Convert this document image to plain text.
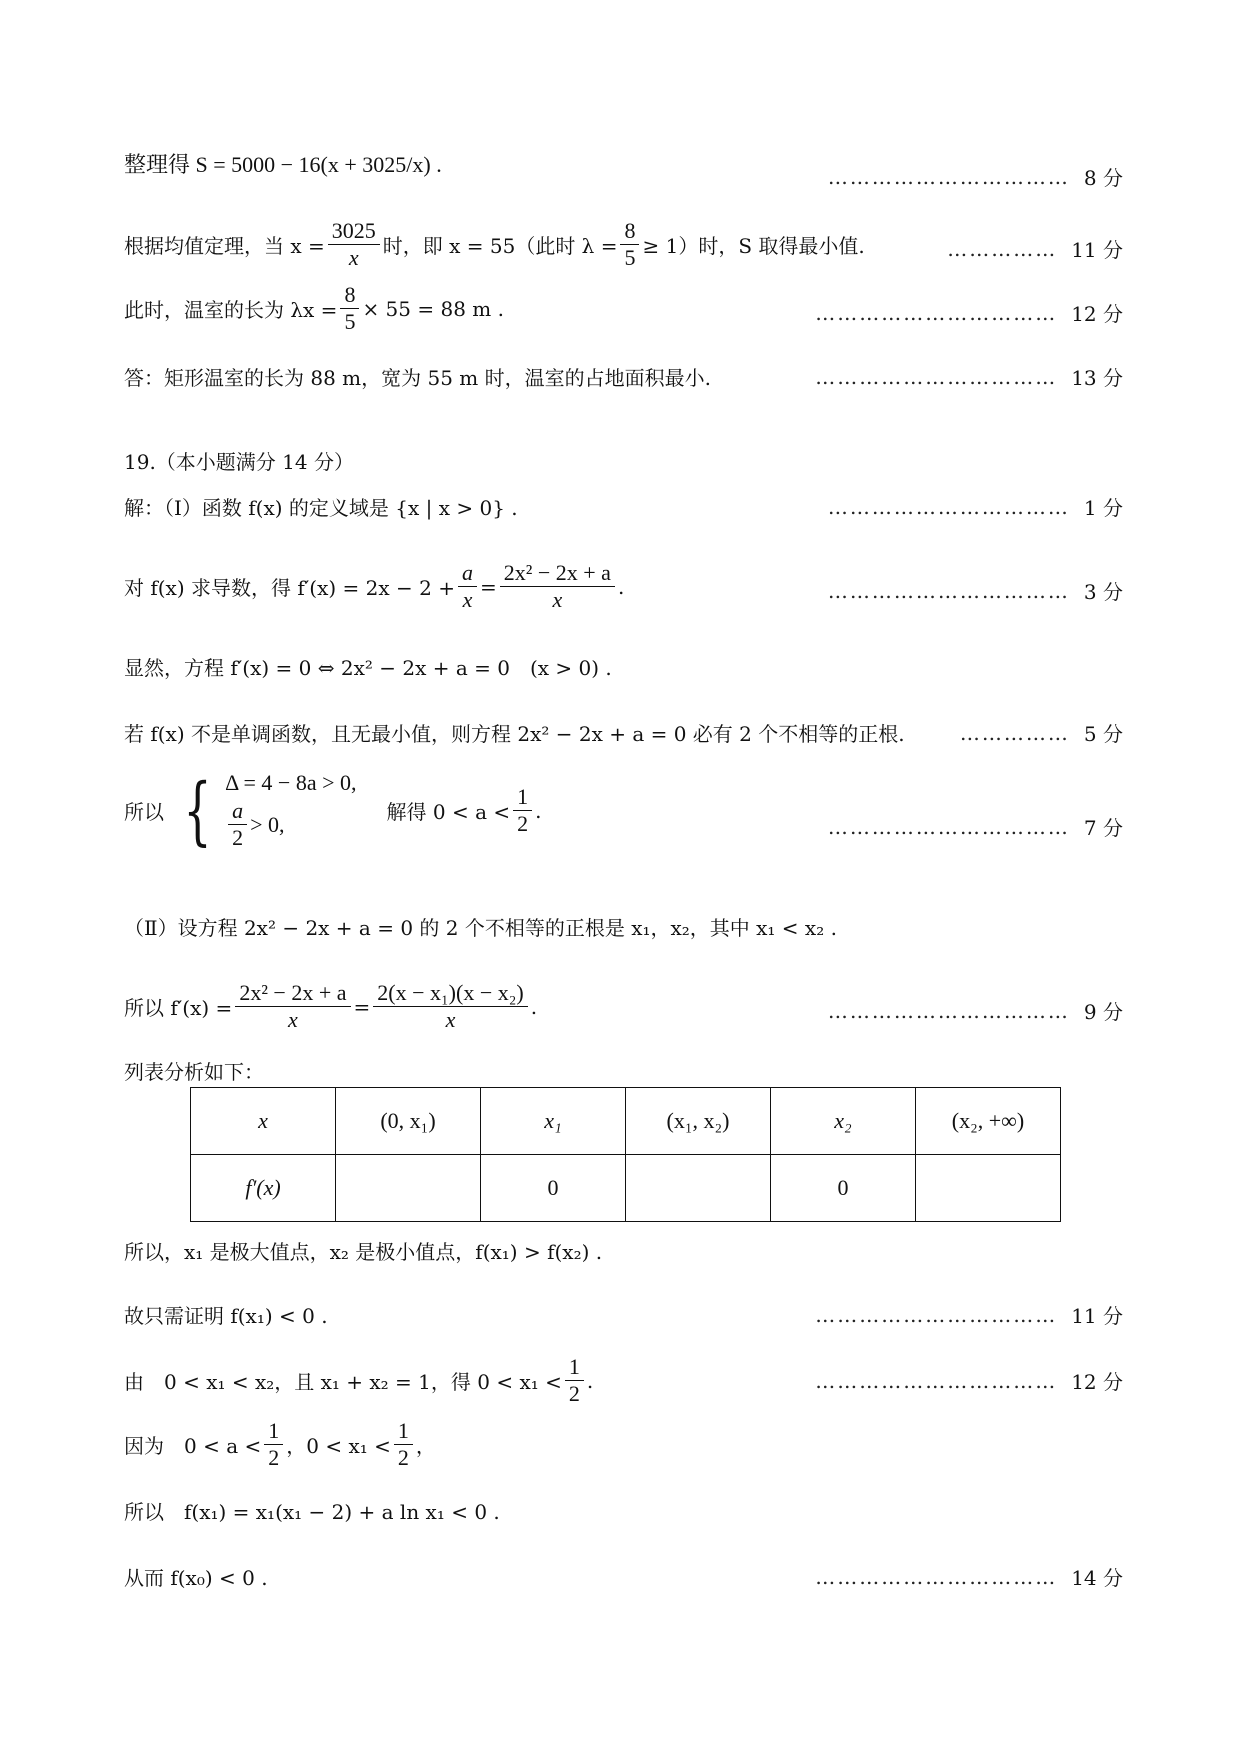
整理得 S = 5000 − 16(x + 3025/x) .	…………………………… 8 分
根据均值定理，当 $x = \frac{3025}{x}$ 时，即 x = 55（此时 $\lambda = \frac{8}{5} \ge 1$）时，S 取得最小值.	…………… 11 分
此时，温室的长为 $\lambda x = \frac{8}{5} \times 55 = 88$ m .	…………………………… 12 分
答：矩形温室的长为 88 m，宽为 55 m 时，温室的占地面积最小.	…………………………… 13 分
19.（本小题满分 14 分）
解：（Ⅰ）函数 f(x) 的定义域是 {x | x > 0} .	…………………………… 1 分
对 f(x) 求导数，得 $f'(x) = 2x - 2 + \frac{a}{x} = \frac{\text{2x² − 2x + a}}{x}$ .	…………………………… 3 分
显然，方程 f′(x) = 0 ⇔ 2x² − 2x + a = 0　(x > 0) .
若 f(x) 不是单调函数，且无最小值，则方程 2x² − 2x + a = 0 必有 2 个不相等的正根.	…………… 5 分
所以 { Δ = 4 − 8a > 0,
$\frac{a}{2} > 0$,	解得 $0 < a < \frac{1}{2}$ .
…………………………… 7 分
（Ⅱ）设方程 2x² − 2x + a = 0 的 2 个不相等的正根是 x₁，x₂，其中 x₁ < x₂ .
所以 $f'(x) = \frac{\text{2x² − 2x + a}}{x} = \frac{\text{2(x − x₁)(x − x₂)}}{x}$ .	…………………………… 9 分
列表分析如下：
x	(0, x₁)	x₁	(x₁, x₂)	x₂	(x₂, +∞)
f′(x)		0		0	
所以，x₁ 是极大值点，x₂ 是极小值点，f(x₁) > f(x₂) .
故只需证明 f(x₁) < 0 .	…………………………… 11 分
由　0 < x₁ < x₂，且 x₁ + x₂ = 1，得 $0 < x_1 < \frac{1}{2}$ .	…………………………… 12 分
因为　$0 < a < \frac{1}{2}$ ，$0 < x_1 < \frac{1}{2}$ ，
所以　f(x₁) = x₁(x₁ − 2) + a ln x₁ < 0 .
从而 f(x₀) < 0 .	…………………………… 14 分
